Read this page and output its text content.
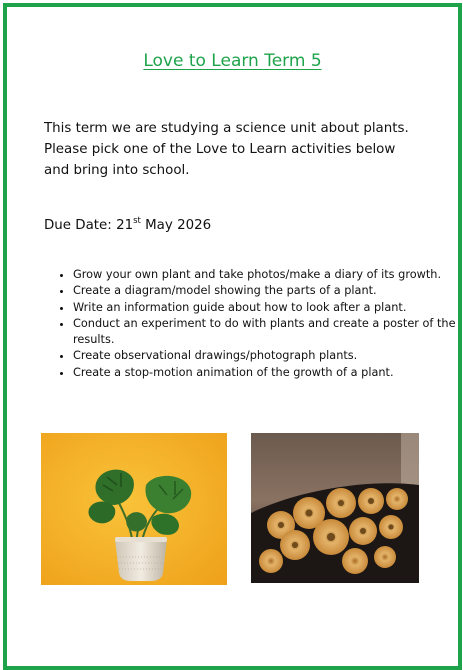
Love to Learn Term 5
This term we are studying a science unit about plants. Please pick one of the Love to Learn activities below and bring into school.
Due Date: 21st May 2026
• Grow your own plant and take photos/make a diary of its growth.
• Create a diagram/model showing the parts of a plant.
• Write an information guide about how to look after a plant.
• Conduct an experiment to do with plants and create a poster of the results.
• Create observational drawings/photograph plants.
• Create a stop-motion animation of the growth of a plant.
